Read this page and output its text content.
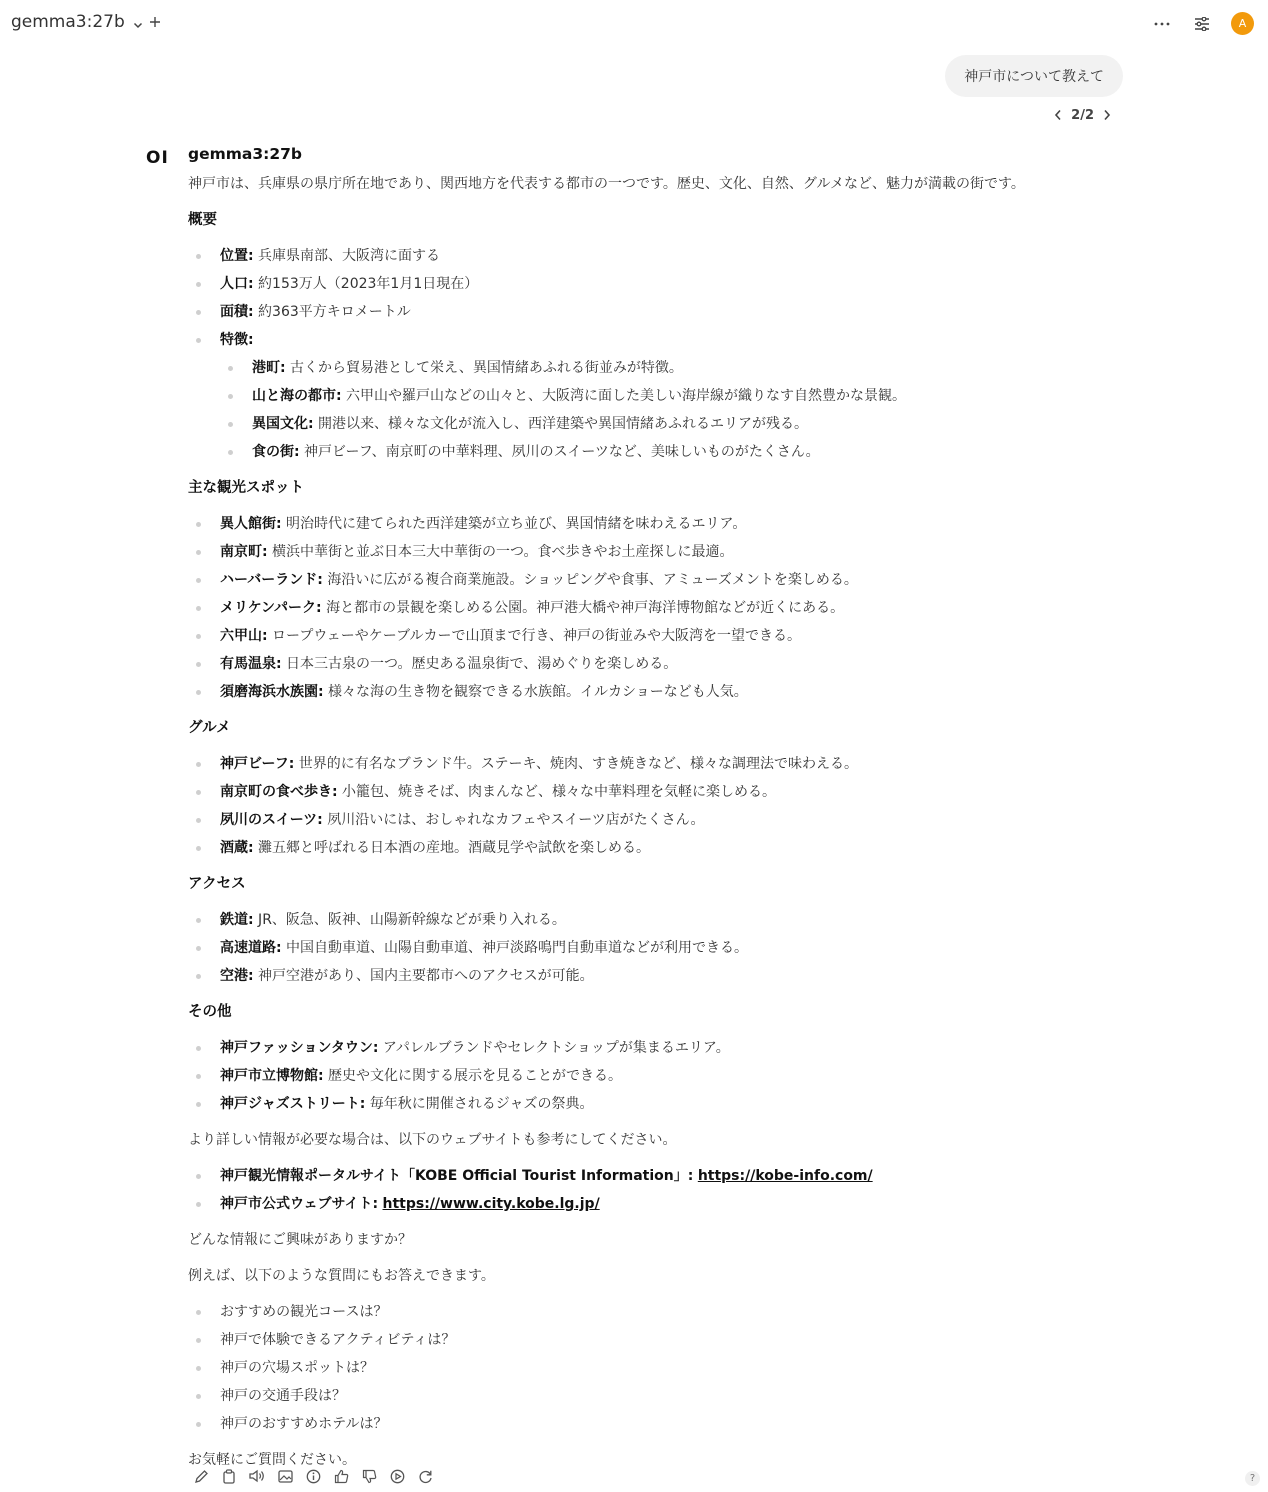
gemma3:27b	A
神戸市について教えて
2/2
OI gemma3:27b

神戸市は、兵庫県の県庁所在地であり、関西地方を代表する都市の一つです。歴史、文化、自然、グルメなど、魅力が満載の街です。

概要
位置: 兵庫県南部、大阪湾に面する
人口: 約153万人（2023年1月1日現在）
面積: 約363平方キロメートル
特徴:
港町: 古くから貿易港として栄え、異国情緒あふれる街並みが特徴。
山と海の都市: 六甲山や羅戸山などの山々と、大阪湾に面した美しい海岸線が織りなす自然豊かな景観。
異国文化: 開港以来、様々な文化が流入し、西洋建築や異国情緒あふれるエリアが残る。
食の街: 神戸ビーフ、南京町の中華料理、夙川のスイーツなど、美味しいものがたくさん。
主な観光スポット
異人館街: 明治時代に建てられた西洋建築が立ち並び、異国情緒を味わえるエリア。
南京町: 横浜中華街と並ぶ日本三大中華街の一つ。食べ歩きやお土産探しに最適。
ハーバーランド: 海沿いに広がる複合商業施設。ショッピングや食事、アミューズメントを楽しめる。
メリケンパーク: 海と都市の景観を楽しめる公園。神戸港大橋や神戸海洋博物館などが近くにある。
六甲山: ロープウェーやケーブルカーで山頂まで行き、神戸の街並みや大阪湾を一望できる。
有馬温泉: 日本三古泉の一つ。歴史ある温泉街で、湯めぐりを楽しめる。
須磨海浜水族園: 様々な海の生き物を観察できる水族館。イルカショーなども人気。
グルメ
神戸ビーフ: 世界的に有名なブランド牛。ステーキ、焼肉、すき焼きなど、様々な調理法で味わえる。
南京町の食べ歩き: 小籠包、焼きそば、肉まんなど、様々な中華料理を気軽に楽しめる。
夙川のスイーツ: 夙川沿いには、おしゃれなカフェやスイーツ店がたくさん。
酒蔵: 灘五郷と呼ばれる日本酒の産地。酒蔵見学や試飲を楽しめる。
アクセス
鉄道: JR、阪急、阪神、山陽新幹線などが乗り入れる。
高速道路: 中国自動車道、山陽自動車道、神戸淡路鳴門自動車道などが利用できる。
空港: 神戸空港があり、国内主要都市へのアクセスが可能。
その他
神戸ファッションタウン: アパレルブランドやセレクトショップが集まるエリア。
神戸市立博物館: 歴史や文化に関する展示を見ることができる。
神戸ジャズストリート: 毎年秋に開催されるジャズの祭典。

より詳しい情報が必要な場合は、以下のウェブサイトも参考にしてください。

神戸観光情報ポータルサイト「KOBE Official Tourist Information」: https://kobe-info.com/
神戸市公式ウェブサイト: https://www.city.kobe.lg.jp/

どんな情報にご興味がありますか？

例えば、以下のような質問にもお答えできます。

おすすめの観光コースは？
神戸で体験できるアクティビティは？
神戸の穴場スポットは？
神戸の交通手段は？
神戸のおすすめホテルは？

お気軽にご質問ください。

?
